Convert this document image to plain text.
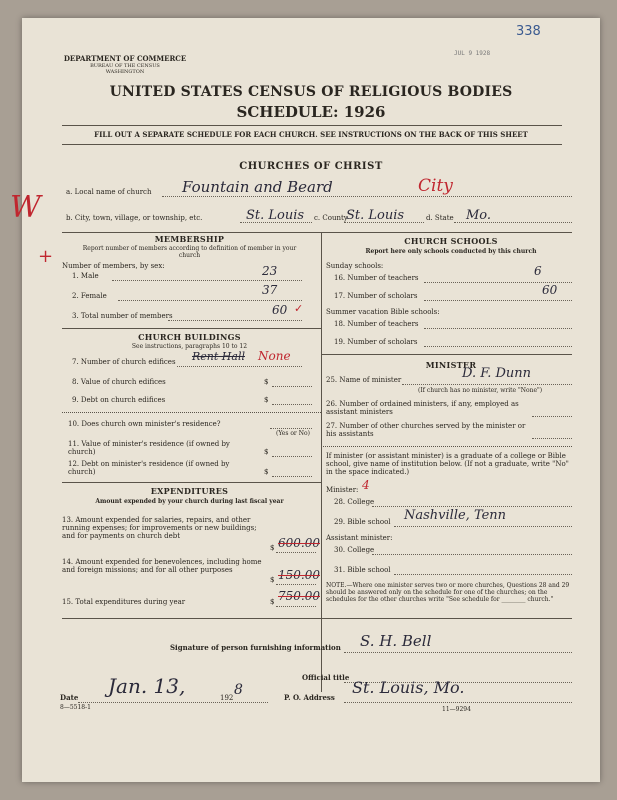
338
JUL 9 1928
DEPARTMENT OF COMMERCE
BUREAU OF THE CENSUS
WASHINGTON
UNITED STATES CENSUS OF RELIGIOUS BODIES
SCHEDULE: 1926
FILL OUT A SEPARATE SCHEDULE FOR EACH CHURCH. SEE INSTRUCTIONS ON THE BACK OF THIS SHEET
CHURCHES OF CHRIST
W
+
a. Local name of church Fountain and Beard	City
b. City, town, village, or township, etc.	St. Louis c. County
St. Louis	d. State Mo.
MEMBERSHIP
Report number of members according to definition of member in your church
Number of members, by sex:
1. Male	23
2. Female	37
3. Total number of members	60 ✓
CHURCH BUILDINGS
See instructions, paragraphs 10 to 12
7. Number of church edifices Rent Hall None
8. Value of church edifices	$
9. Debt on church edifices	$
10. Does church own minister's residence?
(Yes or No)
11. Value of minister's residence (if owned by church)	$
12. Debt on minister's residence (if owned by church)	$
EXPENDITURES
Amount expended by your church during last fiscal year
13. Amount expended for salaries, repairs, and other running expenses; for improvements or new buildings; and for payments on church debt
$ 600.00
14. Amount expended for benevolences, including home and foreign missions; and for all other purposes
$ 150.00
15. Total expenditures during year	$ 750.00
CHURCH SCHOOLS
Report here only schools conducted by this church
Sunday schools:
16. Number of teachers	6
17. Number of scholars	60
Summer vacation Bible schools:
18. Number of teachers
19. Number of scholars
MINISTER
25. Name of minister	D. F. Dunn
(If church has no minister, write "None")
26. Number of ordained ministers, if any, employed as assistant ministers
27. Number of other churches served by the minister or his assistants
If minister (or assistant minister) is a graduate of a college or Bible school, give name of institution below. (If not a graduate, write "No" in the space indicated.)
Minister: 4
28. College
29. Bible school Nashville, Tenn
Assistant minister:
30. College
31. Bible school
NOTE.—Where one minister serves two or more churches, Questions 28 and 29 should be answered only on the schedule for one of the churches; on the schedules for the other churches write "See schedule for ________ church."
Signature of person furnishing information S. H. Bell
Official title
Date Jan. 13,	192 8
8—5518-1
P. O. Address
St. Louis, Mo.
11—9294
